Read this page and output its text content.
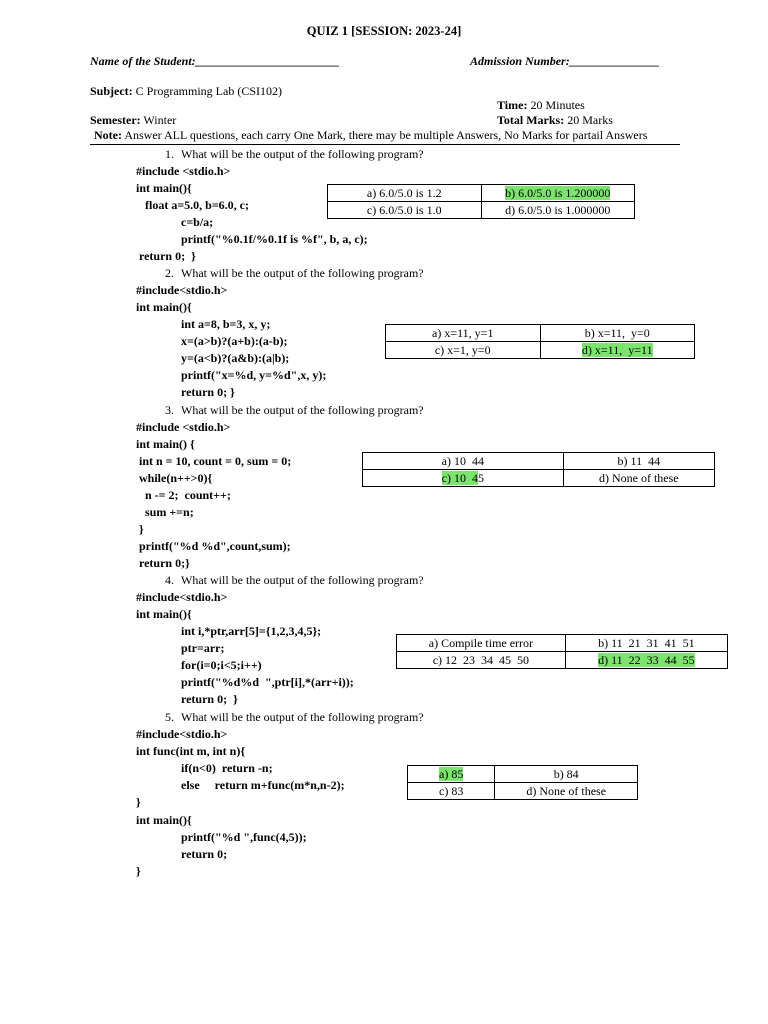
QUIZ 1 [SESSION: 2023-24]
Name of the Student:________________________	Admission Number:_______________
Subject: C Programming Lab (CSI102)
Time: 20 Minutes
Semester: Winter	Total Marks: 20 Marks
Note: Answer ALL questions, each carry One Mark, there may be multiple Answers, No Marks for partail Answers
1. What will be the output of the following program?
#include <stdio.h>
int main(){
float a=5.0, b=6.0, c;
c=b/a;
printf("%0.1f/%0.1f is %f", b, a, c);
return 0;  }
a) 6.0/5.0 is 1.2	b) 6.0/5.0 is 1.200000
c) 6.0/5.0 is 1.0	d) 6.0/5.0 is 1.000000
2. What will be the output of the following program?
#include<stdio.h>
int main(){
int a=8, b=3, x, y;
x=(a>b)?(a+b):(a-b);
y=(a<b)?(a&b):(a|b);
printf("x=%d, y=%d",x, y);
return 0; }
a) x=11, y=1	b) x=11,  y=0
c) x=1, y=0	d) x=11,  y=11
3. What will be the output of the following program?
#include <stdio.h>
int main() {
int n = 10, count = 0, sum = 0;
while(n++>0){
n -= 2;  count++;
sum +=n;
}
printf("%d %d",count,sum);
return 0;}
a) 10  44	b) 11  44
c) 10  45	d) None of these
4. What will be the output of the following program?
#include<stdio.h>
int main(){
int i,*ptr,arr[5]={1,2,3,4,5};
ptr=arr;
for(i=0;i<5;i++)
printf("%d%d  ",ptr[i],*(arr+i));
return 0;  }
a) Compile time error	b) 11  21  31  41  51
c) 12  23  34  45  50	d) 11  22  33  44  55
5. What will be the output of the following program?
#include<stdio.h>
int func(int m, int n){
if(n<0)  return -n;
else     return m+func(m*n,n-2);
}
int main(){
printf("%d ",func(4,5));
return 0;
}
a) 85	b) 84
c) 83	d) None of these
